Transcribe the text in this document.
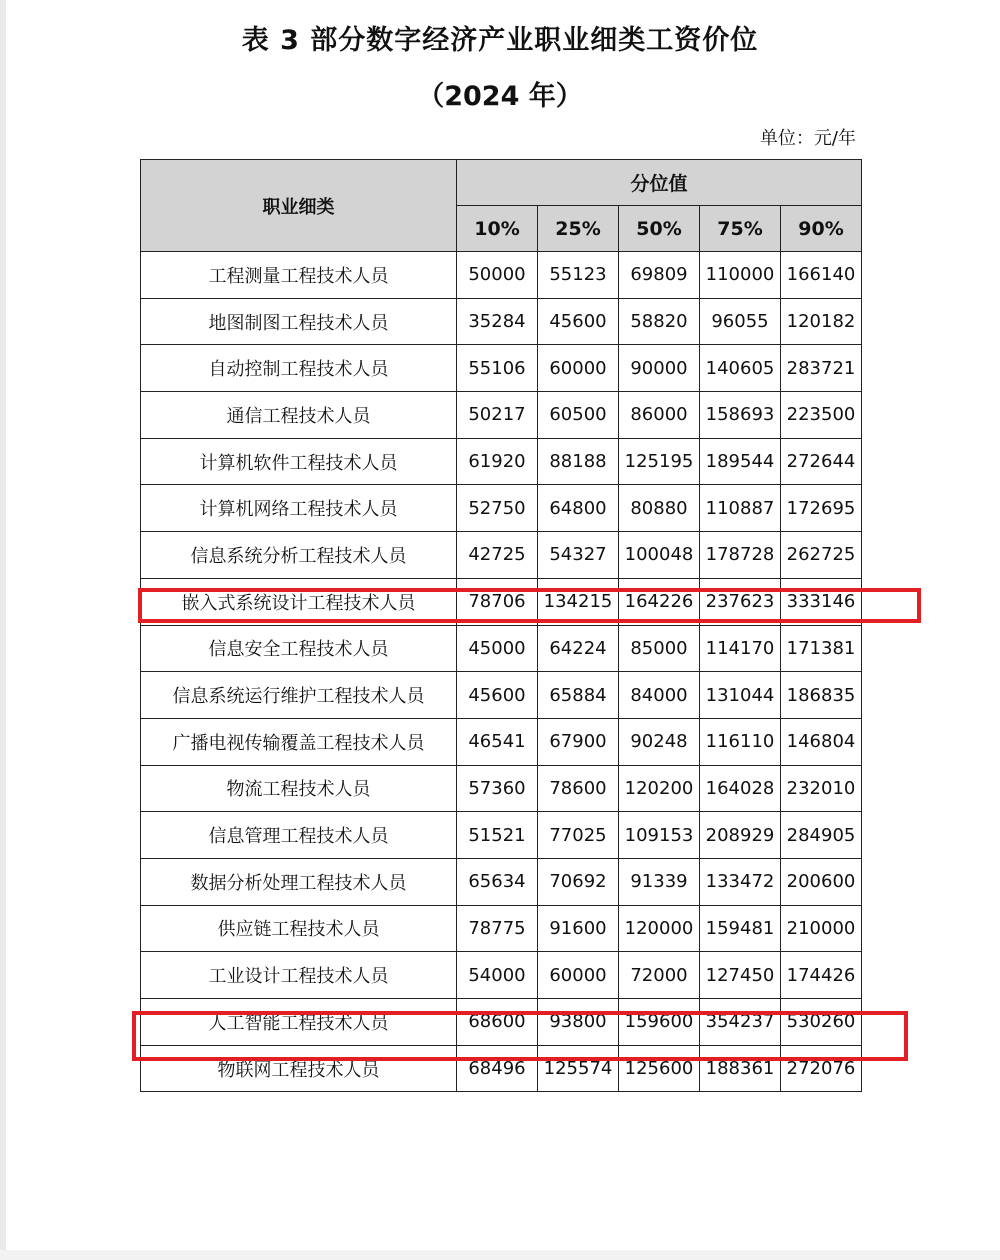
表 3 部分数字经济产业职业细类工资价位
（2024 年）
单位：元/年
职业细类	分位值				
	10%	25%	50%	75%	90%
工程测量工程技术人员	50000	55123	69809	110000	166140
地图制图工程技术人员	35284	45600	58820	96055	120182
自动控制工程技术人员	55106	60000	90000	140605	283721
通信工程技术人员	50217	60500	86000	158693	223500
计算机软件工程技术人员	61920	88188	125195	189544	272644
计算机网络工程技术人员	52750	64800	80880	110887	172695
信息系统分析工程技术人员	42725	54327	100048	178728	262725
嵌入式系统设计工程技术人员	78706	134215	164226	237623	333146
信息安全工程技术人员	45000	64224	85000	114170	171381
信息系统运行维护工程技术人员	45600	65884	84000	131044	186835
广播电视传输覆盖工程技术人员	46541	67900	90248	116110	146804
物流工程技术人员	57360	78600	120200	164028	232010
信息管理工程技术人员	51521	77025	109153	208929	284905
数据分析处理工程技术人员	65634	70692	91339	133472	200600
供应链工程技术人员	78775	91600	120000	159481	210000
工业设计工程技术人员	54000	60000	72000	127450	174426
人工智能工程技术人员	68600	93800	159600	354237	530260
物联网工程技术人员	68496	125574	125600	188361	272076
